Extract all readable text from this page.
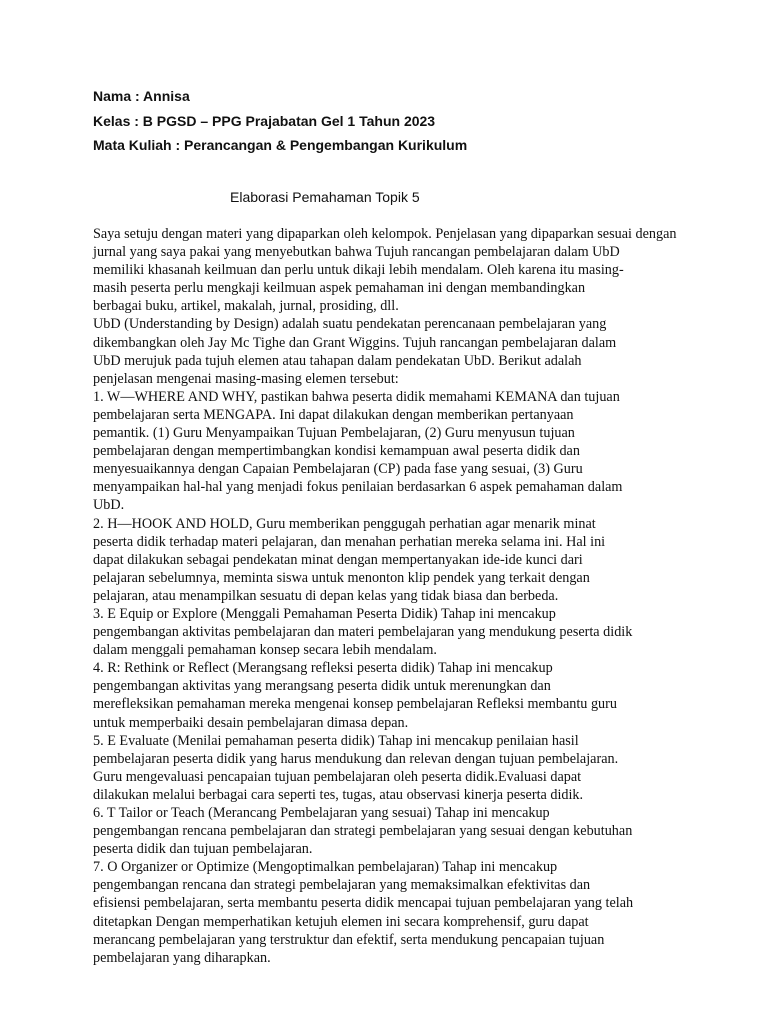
Nama : Annisa
Kelas : B PGSD – PPG Prajabatan Gel 1 Tahun 2023
Mata Kuliah : Perancangan & Pengembangan Kurikulum
Elaborasi Pemahaman Topik 5
Saya setuju dengan materi yang dipaparkan oleh kelompok. Penjelasan yang dipaparkan sesuai dengan
jurnal yang saya pakai yang menyebutkan bahwa Tujuh rancangan pembelajaran dalam UbD
memiliki khasanah keilmuan dan perlu untuk dikaji lebih mendalam. Oleh karena itu masing-
masih peserta perlu mengkaji keilmuan aspek pemahaman ini dengan membandingkan
berbagai buku, artikel, makalah, jurnal, prosiding, dll.
UbD (Understanding by Design) adalah suatu pendekatan perencanaan pembelajaran yang
dikembangkan oleh Jay Mc Tighe dan Grant Wiggins. Tujuh rancangan pembelajaran dalam
UbD merujuk pada tujuh elemen atau tahapan dalam pendekatan UbD. Berikut adalah
penjelasan mengenai masing-masing elemen tersebut:
1. W—WHERE AND WHY, pastikan bahwa peserta didik memahami KEMANA dan tujuan
pembelajaran serta MENGAPA. Ini dapat dilakukan dengan memberikan pertanyaan
pemantik. (1) Guru Menyampaikan Tujuan Pembelajaran, (2) Guru menyusun tujuan
pembelajaran dengan mempertimbangkan kondisi kemampuan awal peserta didik dan
menyesuaikannya dengan Capaian Pembelajaran (CP) pada fase yang sesuai, (3) Guru
menyampaikan hal-hal yang menjadi fokus penilaian berdasarkan 6 aspek pemahaman dalam
UbD.
2. H—HOOK AND HOLD, Guru memberikan penggugah perhatian agar menarik minat
peserta didik terhadap materi pelajaran, dan menahan perhatian mereka selama ini. Hal ini
dapat dilakukan sebagai pendekatan minat dengan mempertanyakan ide-ide kunci dari
pelajaran sebelumnya, meminta siswa untuk menonton klip pendek yang terkait dengan
pelajaran, atau menampilkan sesuatu di depan kelas yang tidak biasa dan berbeda.
3. E Equip or Explore (Menggali Pemahaman Peserta Didik) Tahap ini mencakup
pengembangan aktivitas pembelajaran dan materi pembelajaran yang mendukung peserta didik
dalam menggali pemahaman konsep secara lebih mendalam.
4. R: Rethink or Reflect (Merangsang refleksi peserta didik) Tahap ini mencakup
pengembangan aktivitas yang merangsang peserta didik untuk merenungkan dan
merefleksikan pemahaman mereka mengenai konsep pembelajaran Refleksi membantu guru
untuk memperbaiki desain pembelajaran dimasa depan.
5. E Evaluate (Menilai pemahaman peserta didik) Tahap ini mencakup penilaian hasil
pembelajaran peserta didik yang harus mendukung dan relevan dengan tujuan pembelajaran.
Guru mengevaluasi pencapaian tujuan pembelajaran oleh peserta didik.Evaluasi dapat
dilakukan melalui berbagai cara seperti tes, tugas, atau observasi kinerja peserta didik.
6. T Tailor or Teach (Merancang Pembelajaran yang sesuai) Tahap ini mencakup
pengembangan rencana pembelajaran dan strategi pembelajaran yang sesuai dengan kebutuhan
peserta didik dan tujuan pembelajaran.
7. O Organizer or Optimize (Mengoptimalkan pembelajaran) Tahap ini mencakup
pengembangan rencana dan strategi pembelajaran yang memaksimalkan efektivitas dan
efisiensi pembelajaran, serta membantu peserta didik mencapai tujuan pembelajaran yang telah
ditetapkan Dengan memperhatikan ketujuh elemen ini secara komprehensif, guru dapat
merancang pembelajaran yang terstruktur dan efektif, serta mendukung pencapaian tujuan
pembelajaran yang diharapkan.
